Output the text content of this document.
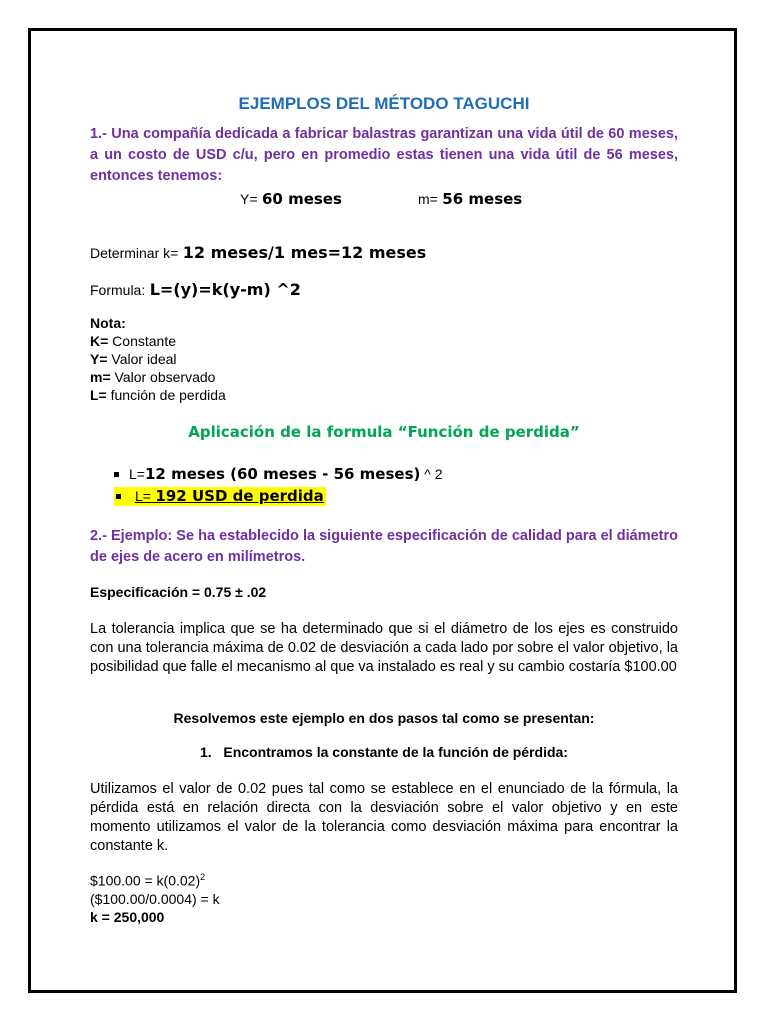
EJEMPLOS DEL MÉTODO TAGUCHI

1.- Una compañía dedicada a fabricar balastras garantizan una vida útil de 60 meses, a un costo de USD c/u, pero en promedio estas tienen una vida útil de 56 meses, entonces tenemos:

Y= 60 meses	m= 56 meses
Determinar k= 12 meses/1 mes=12 meses
Formula: L=(y)=k(y-m) ^2

Nota:

K= Constante

Y= Valor ideal

m= Valor observado

L= función de perdida

Aplicación de la formula “Función de perdida”
L=12 meses (60 meses - 56 meses) ^ 2
L= 192 USD de perdida

2.- Ejemplo: Se ha establecido la siguiente especificación de calidad para el diámetro de ejes de acero en milímetros.

Especificación = 0.75 ± .02

La tolerancia implica que se ha determinado que si el diámetro de los ejes es construido con una tolerancia máxima de 0.02 de desviación a cada lado por sobre el valor objetivo, la posibilidad que falle el mecanismo al que va instalado es real y su cambio costaría $100.00

Resolvemos este ejemplo en dos pasos tal como se presentan:

1.   Encontramos la constante de la función de pérdida:

Utilizamos el valor de 0.02 pues tal como se establece en el enunciado de la fórmula, la pérdida está en relación directa con la desviación sobre el valor objetivo y en este momento utilizamos el valor de la tolerancia como desviación máxima para encontrar la constante k.

$100.00 = $k(0.02)^2$
($100.00/0.0004) = k
k = 250,000
